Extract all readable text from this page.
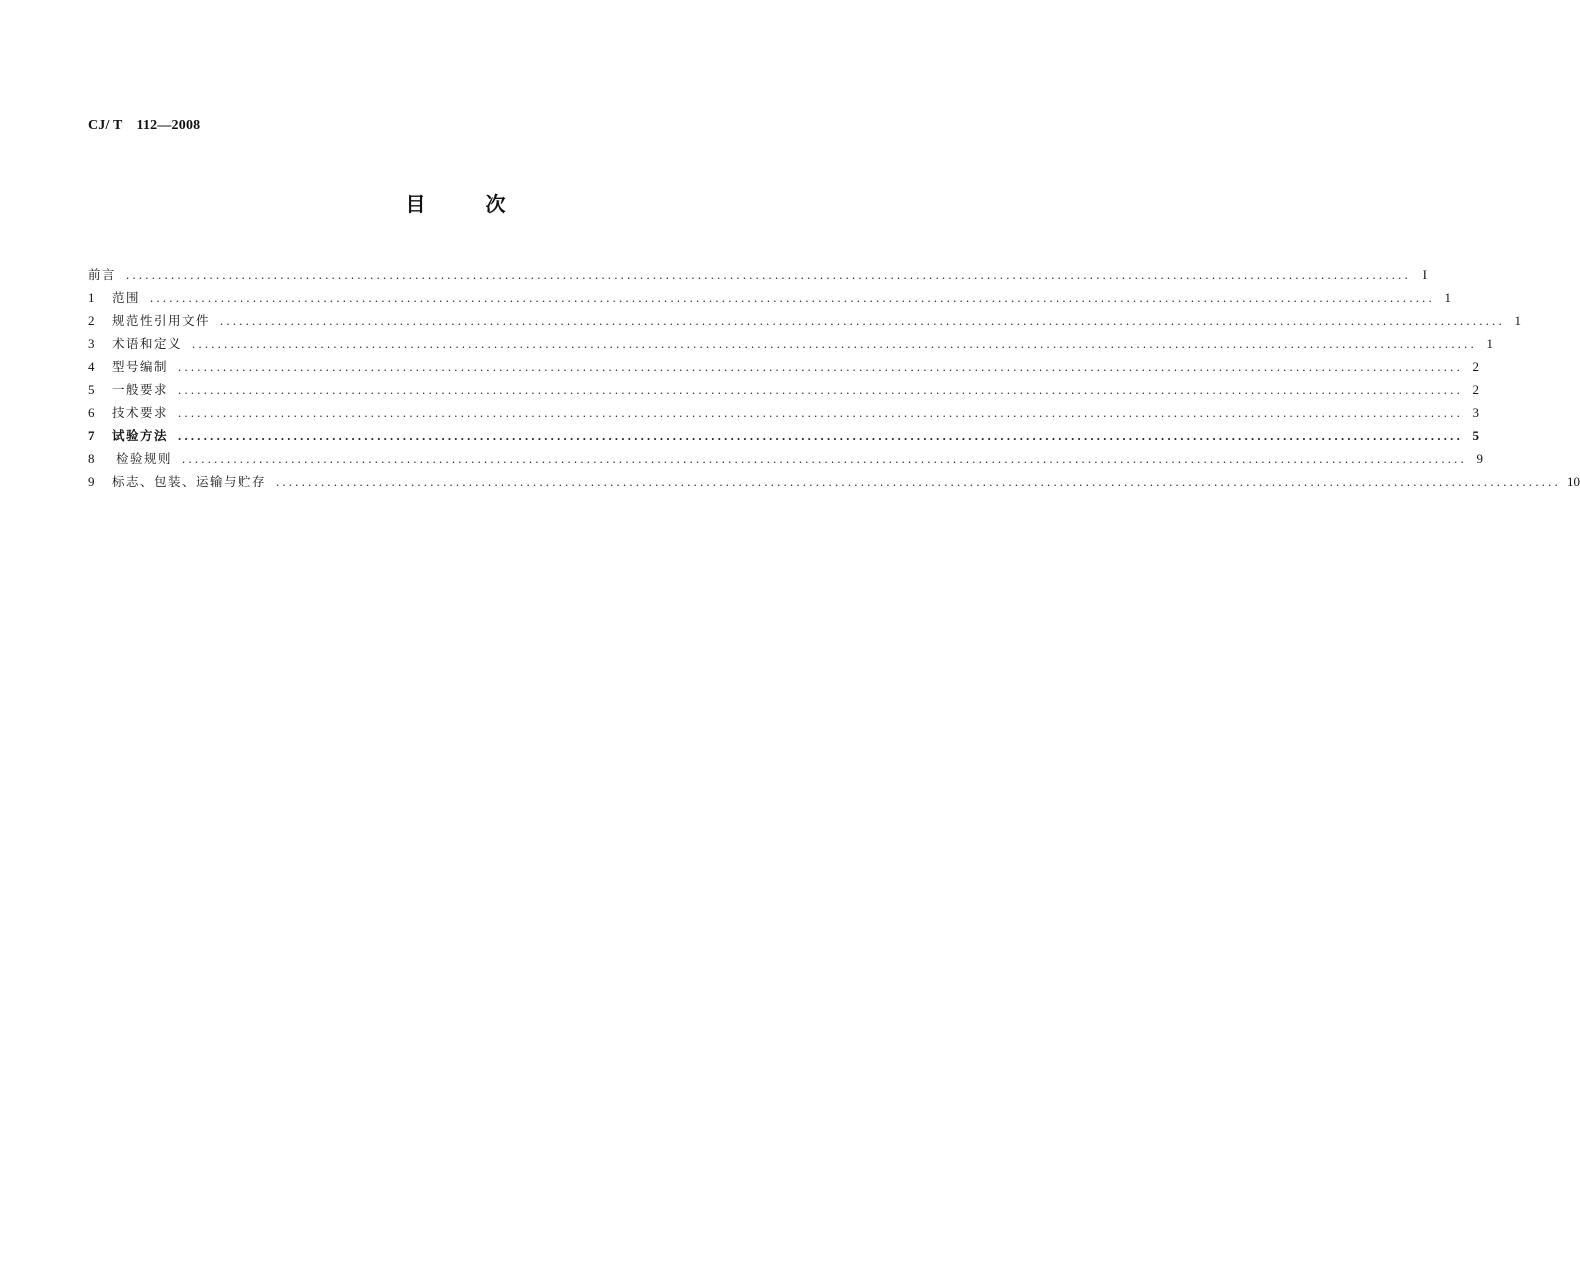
CJ/ T　112—2008
目　　　次
前言 ........................................................................................................................................................................................................ I
1	范围 ........................................................................................................................................................................................................ 1
2	规范性引用文件 ........................................................................................................................................................................................................ 1
3	术语和定义 ........................................................................................................................................................................................................ 1
4	型号编制 ........................................................................................................................................................................................................ 2
5	一般要求 ........................................................................................................................................................................................................ 2
6	技术要求 ........................................................................................................................................................................................................ 3
7	试验方法 ........................................................................................................................................................................................................ 5
8	检验规则 ........................................................................................................................................................................................................ 9
9	标志、包装、运输与贮存 ........................................................................................................................................................................................................ 10
